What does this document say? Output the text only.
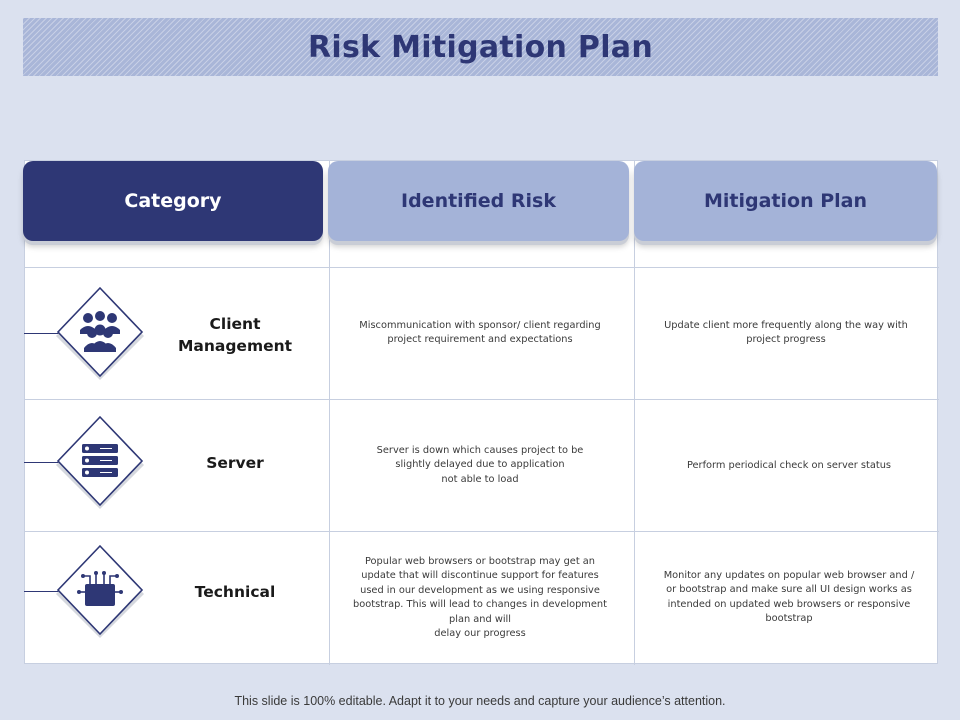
Risk Mitigation Plan
Category	Identified Risk	Mitigation Plan
Client
Management
Miscommunication with sponsor/ client regarding
project requirement and expectations
Update client more frequently along the way with
project progress
Server
Server is down which causes project to be
slightly delayed due to application
not able to load
Perform periodical check on server status
Technical
Popular web browsers or bootstrap may get an
update that will discontinue support for features
used in our development as we using responsive
bootstrap. This will lead to changes in development
plan and will
delay our progress
Monitor any updates on popular web browser and /
or bootstrap and make sure all UI design works as
intended on updated web browsers or responsive
bootstrap
This slide is 100% editable. Adapt it to your needs and capture your audience’s attention.
